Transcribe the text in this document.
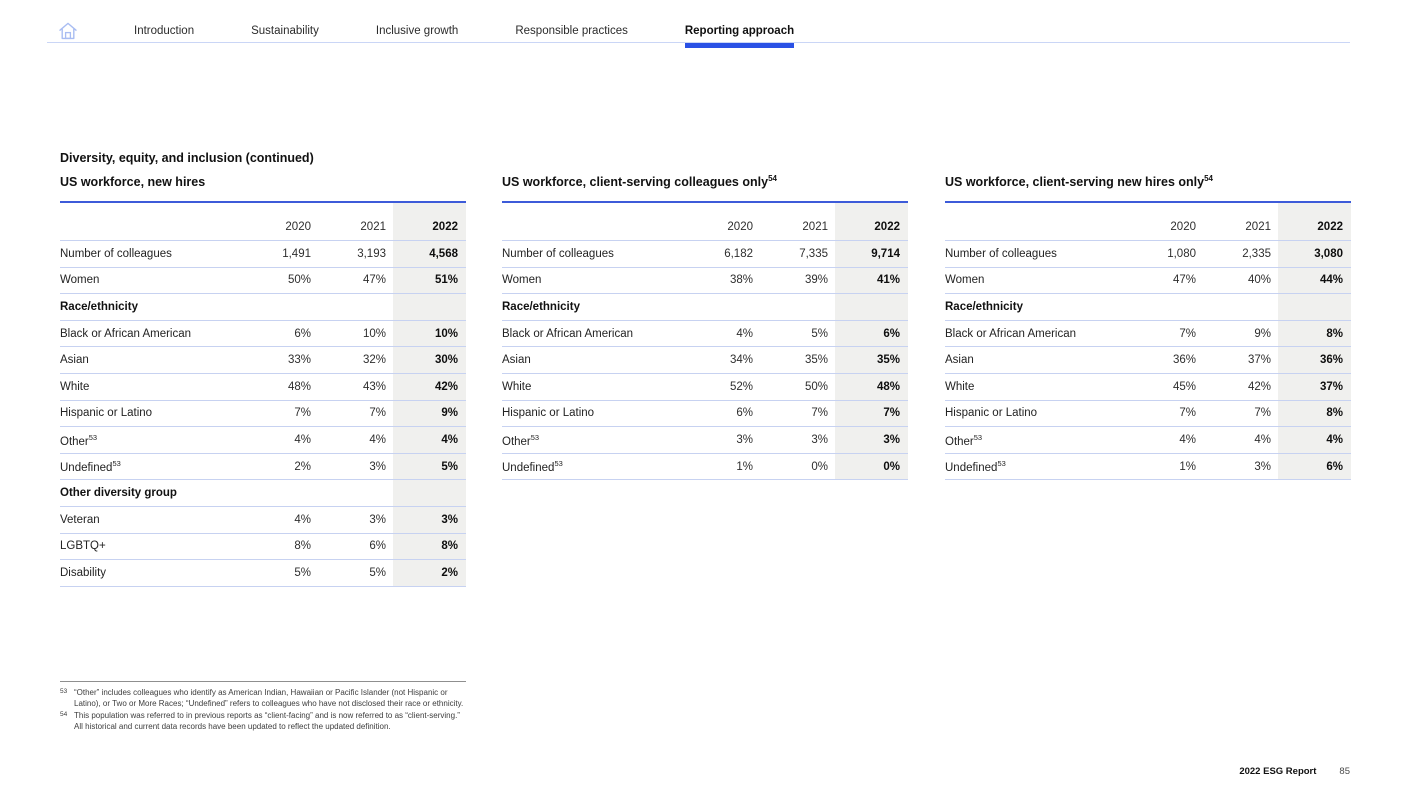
Introduction	Sustainability	Inclusive growth	Responsible practices	Reporting approach
Diversity, equity, and inclusion (continued)
US workforce, new hires
	2020	2021	2022
Number of colleagues	1,491	3,193	4,568
Women	50%	47%	51%
Race/ethnicity			
Black or African American	6%	10%	10%
Asian	33%	32%	30%
White	48%	43%	42%
Hispanic or Latino	7%	7%	9%
Other$^{53}$	4%	4%	4%
Undefined$^{53}$	2%	3%	5%
Other diversity group			
Veteran	4%	3%	3%
LGBTQ+	8%	6%	8%
Disability	5%	5%	2%
US workforce, client-serving colleagues only$^{54}$
	2020	2021	2022
Number of colleagues	6,182	7,335	9,714
Women	38%	39%	41%
Race/ethnicity			
Black or African American	4%	5%	6%
Asian	34%	35%	35%
White	52%	50%	48%
Hispanic or Latino	6%	7%	7%
Other$^{53}$	3%	3%	3%
Undefined$^{53}$	1%	0%	0%
US workforce, client-serving new hires only$^{54}$
	2020	2021	2022
Number of colleagues	1,080	2,335	3,080
Women	47%	40%	44%
Race/ethnicity			
Black or African American	7%	9%	8%
Asian	36%	37%	36%
White	45%	42%	37%
Hispanic or Latino	7%	7%	8%
Other$^{53}$	4%	4%	4%
Undefined$^{53}$	1%	3%	6%
53 “Other” includes colleagues who identify as American Indian, Hawaiian or Pacific Islander (not Hispanic or Latino), or Two or More Races; “Undefined” refers to colleagues who have not disclosed their race or ethnicity.
54 This population was referred to in previous reports as “client-facing” and is now referred to as “client-serving.” All historical and current data records have been updated to reflect the updated definition.
2022 ESG Report 85
